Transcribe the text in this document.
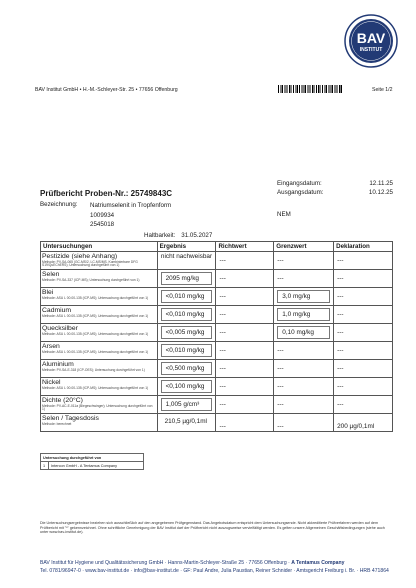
BAV
INSTITUT
BAV Institut GmbH • H.-M.-Schleyer-Str. 25 • 77656 Offenburg	Seite 1/2
Eingangsdatum:	12.11.25
Ausgangsdatum:	10.12.25
Prüfbericht Proben-Nr.: 25749843C
Bezeichnung: Natriumselenit in Tropfenform
1009934
2545018
NEM
Haltbarkeit: 31.05.2027
Untersuchungen	Ergebnis	Richtwert	Grenzwert	Deklaration

Pestizide (siehe Anhang)
Methode: PV-SA-065 (GC-MS/2, LC-MS/MS, Kombinierbare DFG S19/QuEChERS); Untersuchung durchgeführt von 1)	nicht nachweisbar	---	---	---

Selen
Methode: PV-SA-337 (ICP-MS); Untersuchung durchgeführt von 1)	2095 mg/kg	---	---	---

Blei
Methode: ASU L 00.00-135 (ICP-MS); Untersuchung durchgeführt von 1)	<0,010 mg/kg	---	3,0 mg/kg	---

Cadmium
Methode: ASU L 00.00-135 (ICP-MS); Untersuchung durchgeführt von 1)	<0,010 mg/kg	---	1,0 mg/kg	---

Quecksilber
Methode: ASU L 00.00-135 (ICP-MS); Untersuchung durchgeführt von 1)	<0,005 mg/kg	---	0,10 mg/kg	---

Arsen
Methode: ASU L 00.00-135 (ICP-MS); Untersuchung durchgeführt von 1)	<0,010 mg/kg	---	---	---

Aluminium
Methode: PV-SA-E-318 (ICP-OES); Untersuchung durchgeführt von 1)	<0,500 mg/kg	---	---	---

Nickel
Methode: ASU L 00.00-135 (ICP-MS); Untersuchung durchgeführt von 1)	<0,100 mg/kg	---	---	---

Dichte (20°C)
Methode: PV-AC-E-011a (Biegeschwinger); Untersuchung durchgeführt von 1)	1,005 g/cm³	---	---	---

Selen / Tagesdosis
Methode: berechnet	210,5 µg/0,1ml	---	---	200 µg/0,1ml
Untersuchung durchgeführt von
1	Intercon GmbH - A Tentamus Company
Die Untersuchungsergebnisse beziehen sich ausschließlich auf den angegebenen Prüfgegenstand. Das Angebotsdatum entspricht dem Untersuchungsende. Nicht akkreditierte Prüfverfahren werden auf dem Prüfbericht mit "*" gekennzeichnet. Ohne schriftliche Genehmigung der BAV Institut darf der Prüfbericht nicht auszugsweise vervielfältigt werden. Es gelten unsere Allgemeinen Geschäftsbedingungen (siehe auch unter www.bav-institut.de).
BAV Institut für Hygiene und Qualitätssicherung GmbH · Hanns-Martin-Schleyer-Straße 25 · 77656 Offenburg · A Tentamus Company
Tel. 0781/96947-0 · www.bav-institut.de · info@bav-institut.de · GF: Paul Andre, Julia Paustian, Reiner Schnider · Amtsgericht Freiburg i. Br. · HRB 471864
